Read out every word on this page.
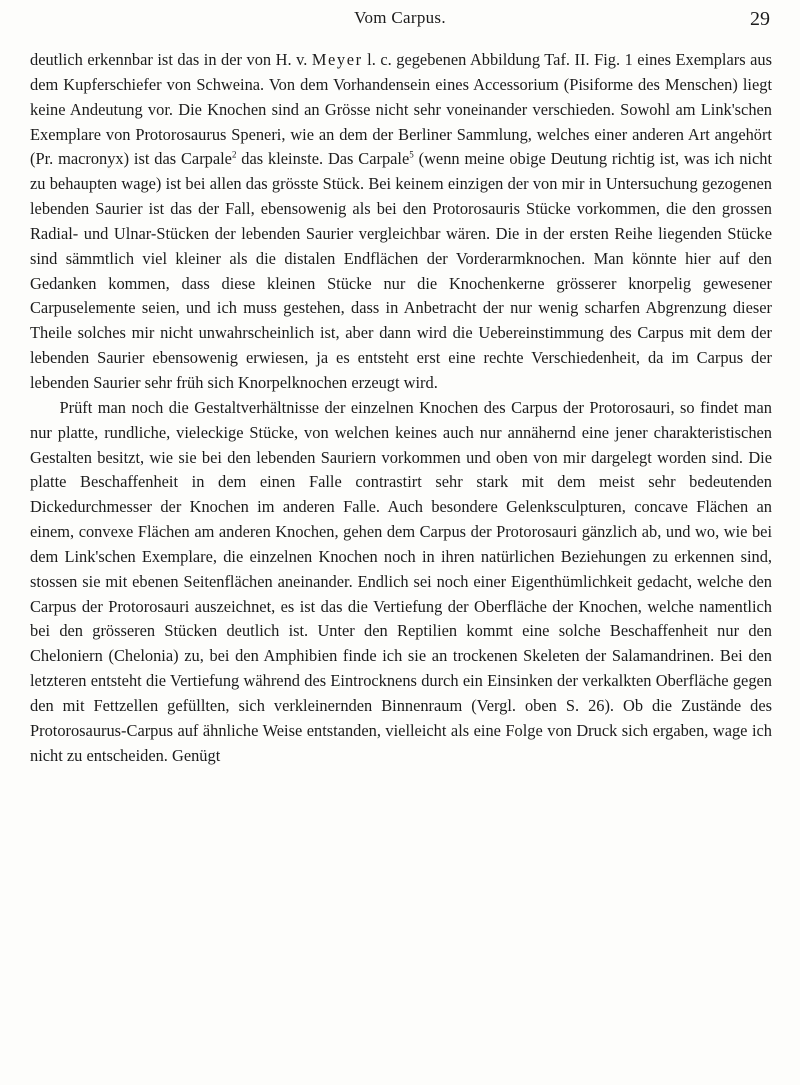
Vom Carpus.	29

deutlich erkennbar ist das in der von H. v. Meyer l. c. gegebenen Abbildung Taf. II. Fig. 1 eines Exemplars aus dem Kupferschiefer von Schweina. Von dem Vorhandensein eines Accessorium (Pisiforme des Menschen) liegt keine Andeutung vor. Die Knochen sind an Grösse nicht sehr voneinander verschieden. Sowohl am Link'schen Exemplare von Protorosaurus Speneri, wie an dem der Berliner Sammlung, welches einer anderen Art angehört (Pr. macronyx) ist das Carpale$^2$ das kleinste. Das Carpale$^5$ (wenn meine obige Deutung richtig ist, was ich nicht zu behaupten wage) ist bei allen das grösste Stück. Bei keinem einzigen der von mir in Untersuchung gezogenen lebenden Saurier ist das der Fall, ebensowenig als bei den Protorosauris Stücke vorkommen, die den grossen Radial- und Ulnar-Stücken der lebenden Saurier vergleichbar wären. Die in der ersten Reihe liegenden Stücke sind sämmtlich viel kleiner als die distalen Endflächen der Vorderarmknochen. Man könnte hier auf den Gedanken kommen, dass diese kleinen Stücke nur die Knochenkerne grösserer knorpelig gewesener Carpuselemente seien, und ich muss gestehen, dass in Anbetracht der nur wenig scharfen Abgrenzung dieser Theile solches mir nicht unwahrscheinlich ist, aber dann wird die Uebereinstimmung des Carpus mit dem der lebenden Saurier ebensowenig erwiesen, ja es entsteht erst eine rechte Verschiedenheit, da im Carpus der lebenden Saurier sehr früh sich Knorpelknochen erzeugt wird.

Prüft man noch die Gestaltverhältnisse der einzelnen Knochen des Carpus der Protorosauri, so findet man nur platte, rundliche, vieleckige Stücke, von welchen keines auch nur annähernd eine jener charakteristischen Gestalten besitzt, wie sie bei den lebenden Sauriern vorkommen und oben von mir dargelegt worden sind. Die platte Beschaffenheit in dem einen Falle contrastirt sehr stark mit dem meist sehr bedeutenden Dickedurchmesser der Knochen im anderen Falle. Auch besondere Gelenksculpturen, concave Flächen an einem, convexe Flächen am anderen Knochen, gehen dem Carpus der Protorosauri gänzlich ab, und wo, wie bei dem Link'schen Exemplare, die einzelnen Knochen noch in ihren natürlichen Beziehungen zu erkennen sind, stossen sie mit ebenen Seitenflächen aneinander. Endlich sei noch einer Eigenthümlichkeit gedacht, welche den Carpus der Protorosauri auszeichnet, es ist das die Vertiefung der Oberfläche der Knochen, welche namentlich bei den grösseren Stücken deutlich ist. Unter den Reptilien kommt eine solche Beschaffenheit nur den Cheloniern (Chelonia) zu, bei den Amphibien finde ich sie an trockenen Skeleten der Salamandrinen. Bei den letzteren entsteht die Vertiefung während des Eintrocknens durch ein Einsinken der verkalkten Oberfläche gegen den mit Fettzellen gefüllten, sich verkleinernden Binnenraum (Vergl. oben S. 26). Ob die Zustände des Protorosaurus-Carpus auf ähnliche Weise entstanden, vielleicht als eine Folge von Druck sich ergaben, wage ich nicht zu entscheiden. Genügt
